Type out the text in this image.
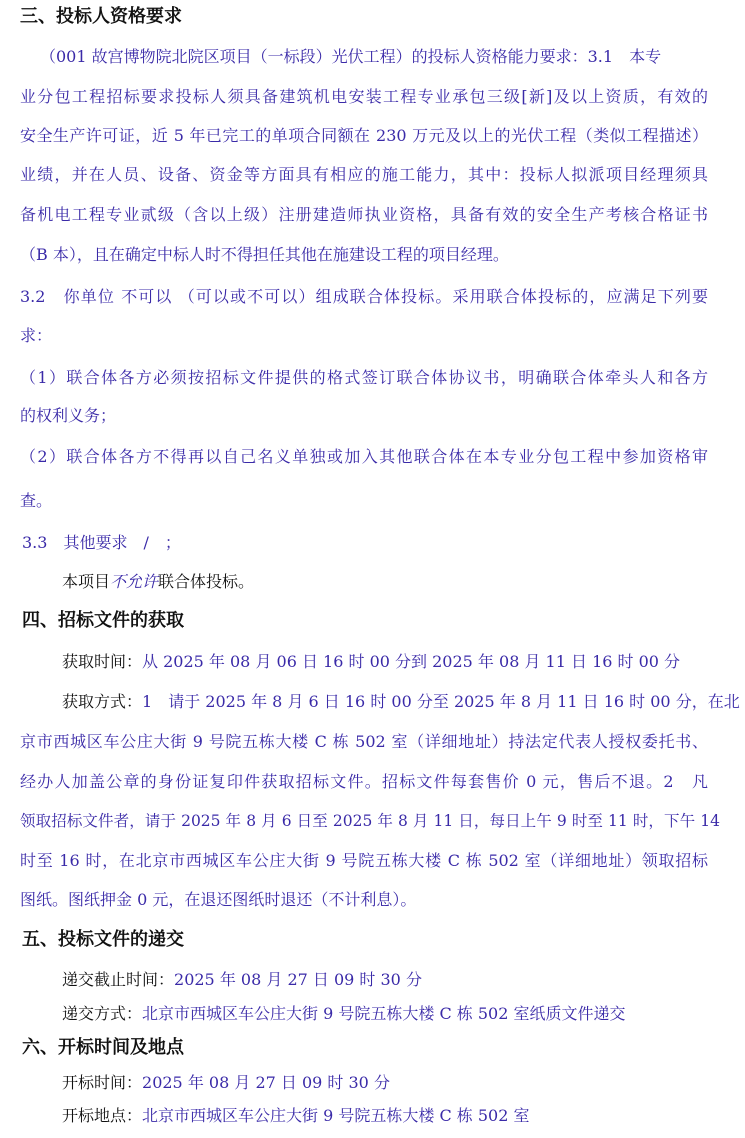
三、投标人资格要求
（001 故宫博物院北院区项目（一标段）光伏工程）的投标人资格能力要求：3.1　本专
业分包工程招标要求投标人须具备建筑机电安装工程专业承包三级[新]及以上资质，有效的
安全生产许可证，近 5 年已完工的单项合同额在 230 万元及以上的光伏工程（类似工程描述）
业绩，并在人员、设备、资金等方面具有相应的施工能力，其中：投标人拟派项目经理须具
备机电工程专业贰级（含以上级）注册建造师执业资格，具备有效的安全生产考核合格证书
（B 本），且在确定中标人时不得担任其他在施建设工程的项目经理。
3.2　你单位 不可以 （可以或不可以）组成联合体投标。采用联合体投标的，应满足下列要
求：
（1）联合体各方必须按招标文件提供的格式签订联合体协议书，明确联合体牵头人和各方
的权利义务；
（2）联合体各方不得再以自己名义单独或加入其他联合体在本专业分包工程中参加资格审
查。
3.3　其他要求　/　；
本项目不允许联合体投标。
四、招标文件的获取
获取时间：从 2025 年 08 月 06 日 16 时 00 分到 2025 年 08 月 11 日 16 时 00 分
获取方式：1　请于 2025 年 8 月 6 日 16 时 00 分至 2025 年 8 月 11 日 16 时 00 分，在北
京市西城区车公庄大街 9 号院五栋大楼 C 栋 502 室（详细地址）持法定代表人授权委托书、
经办人加盖公章的身份证复印件获取招标文件。招标文件每套售价 0 元，售后不退。2　凡
领取招标文件者，请于 2025 年 8 月 6 日至 2025 年 8 月 11 日，每日上午 9 时至 11 时，下午 14
时至 16 时，在北京市西城区车公庄大街 9 号院五栋大楼 C 栋 502 室（详细地址）领取招标
图纸。图纸押金 0 元，在退还图纸时退还（不计利息）。
五、投标文件的递交
递交截止时间：2025 年 08 月 27 日 09 时 30 分
递交方式：北京市西城区车公庄大街 9 号院五栋大楼 C 栋 502 室纸质文件递交
六、开标时间及地点
开标时间：2025 年 08 月 27 日 09 时 30 分
开标地点：北京市西城区车公庄大街 9 号院五栋大楼 C 栋 502 室
